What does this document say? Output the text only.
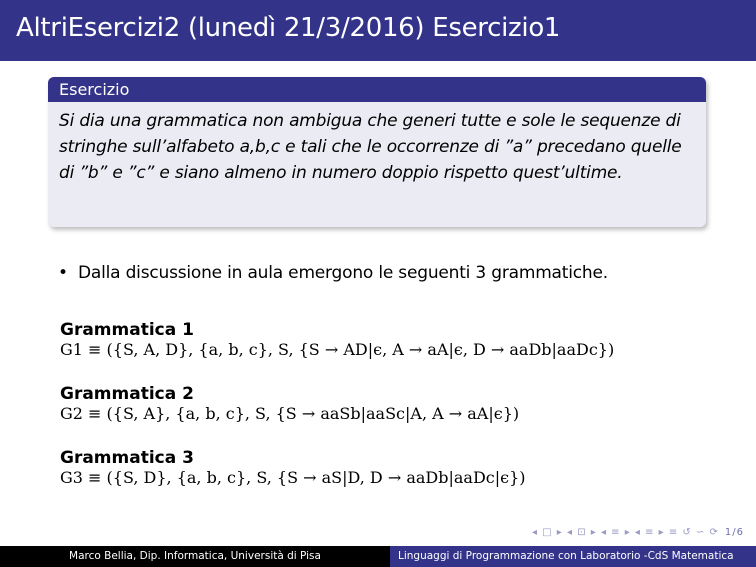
AltriEsercizi2 (lunedì 21/3/2016) Esercizio1
Esercizio
Si dia una grammatica non ambigua che generi tutte e sole le sequenze di stringhe sull’alfabeto a,b,c e tali che le occorrenze di ”a” precedano quelle di ”b” e ”c” e siano almeno in numero doppio rispetto quest’ultime.
• Dalla discussione in aula emergono le seguenti 3 grammatiche.
Grammatica 1
G1 ≡ ({S, A, D}, {a, b, c}, S, {S → AD|ϵ, A → aA|ϵ, D → aaDb|aaDc})
Grammatica 2
G2 ≡ ({S, A}, {a, b, c}, S, {S → aaSb|aaSc|A, A → aA|ϵ})
Grammatica 3
G3 ≡ ({S, D}, {a, b, c}, S, {S → aS|D, D → aaDb|aaDc|ϵ})
◂ □ ▸ ◂ ⊡ ▸ ◂ ≡ ▸ ◂ ≡ ▸ ≡ ↺ ∽ ⟳ 1/6
Marco Bellia, Dip. Informatica, Università di Pisa	Linguaggi di Programmazione con Laboratorio -CdS Matematica
